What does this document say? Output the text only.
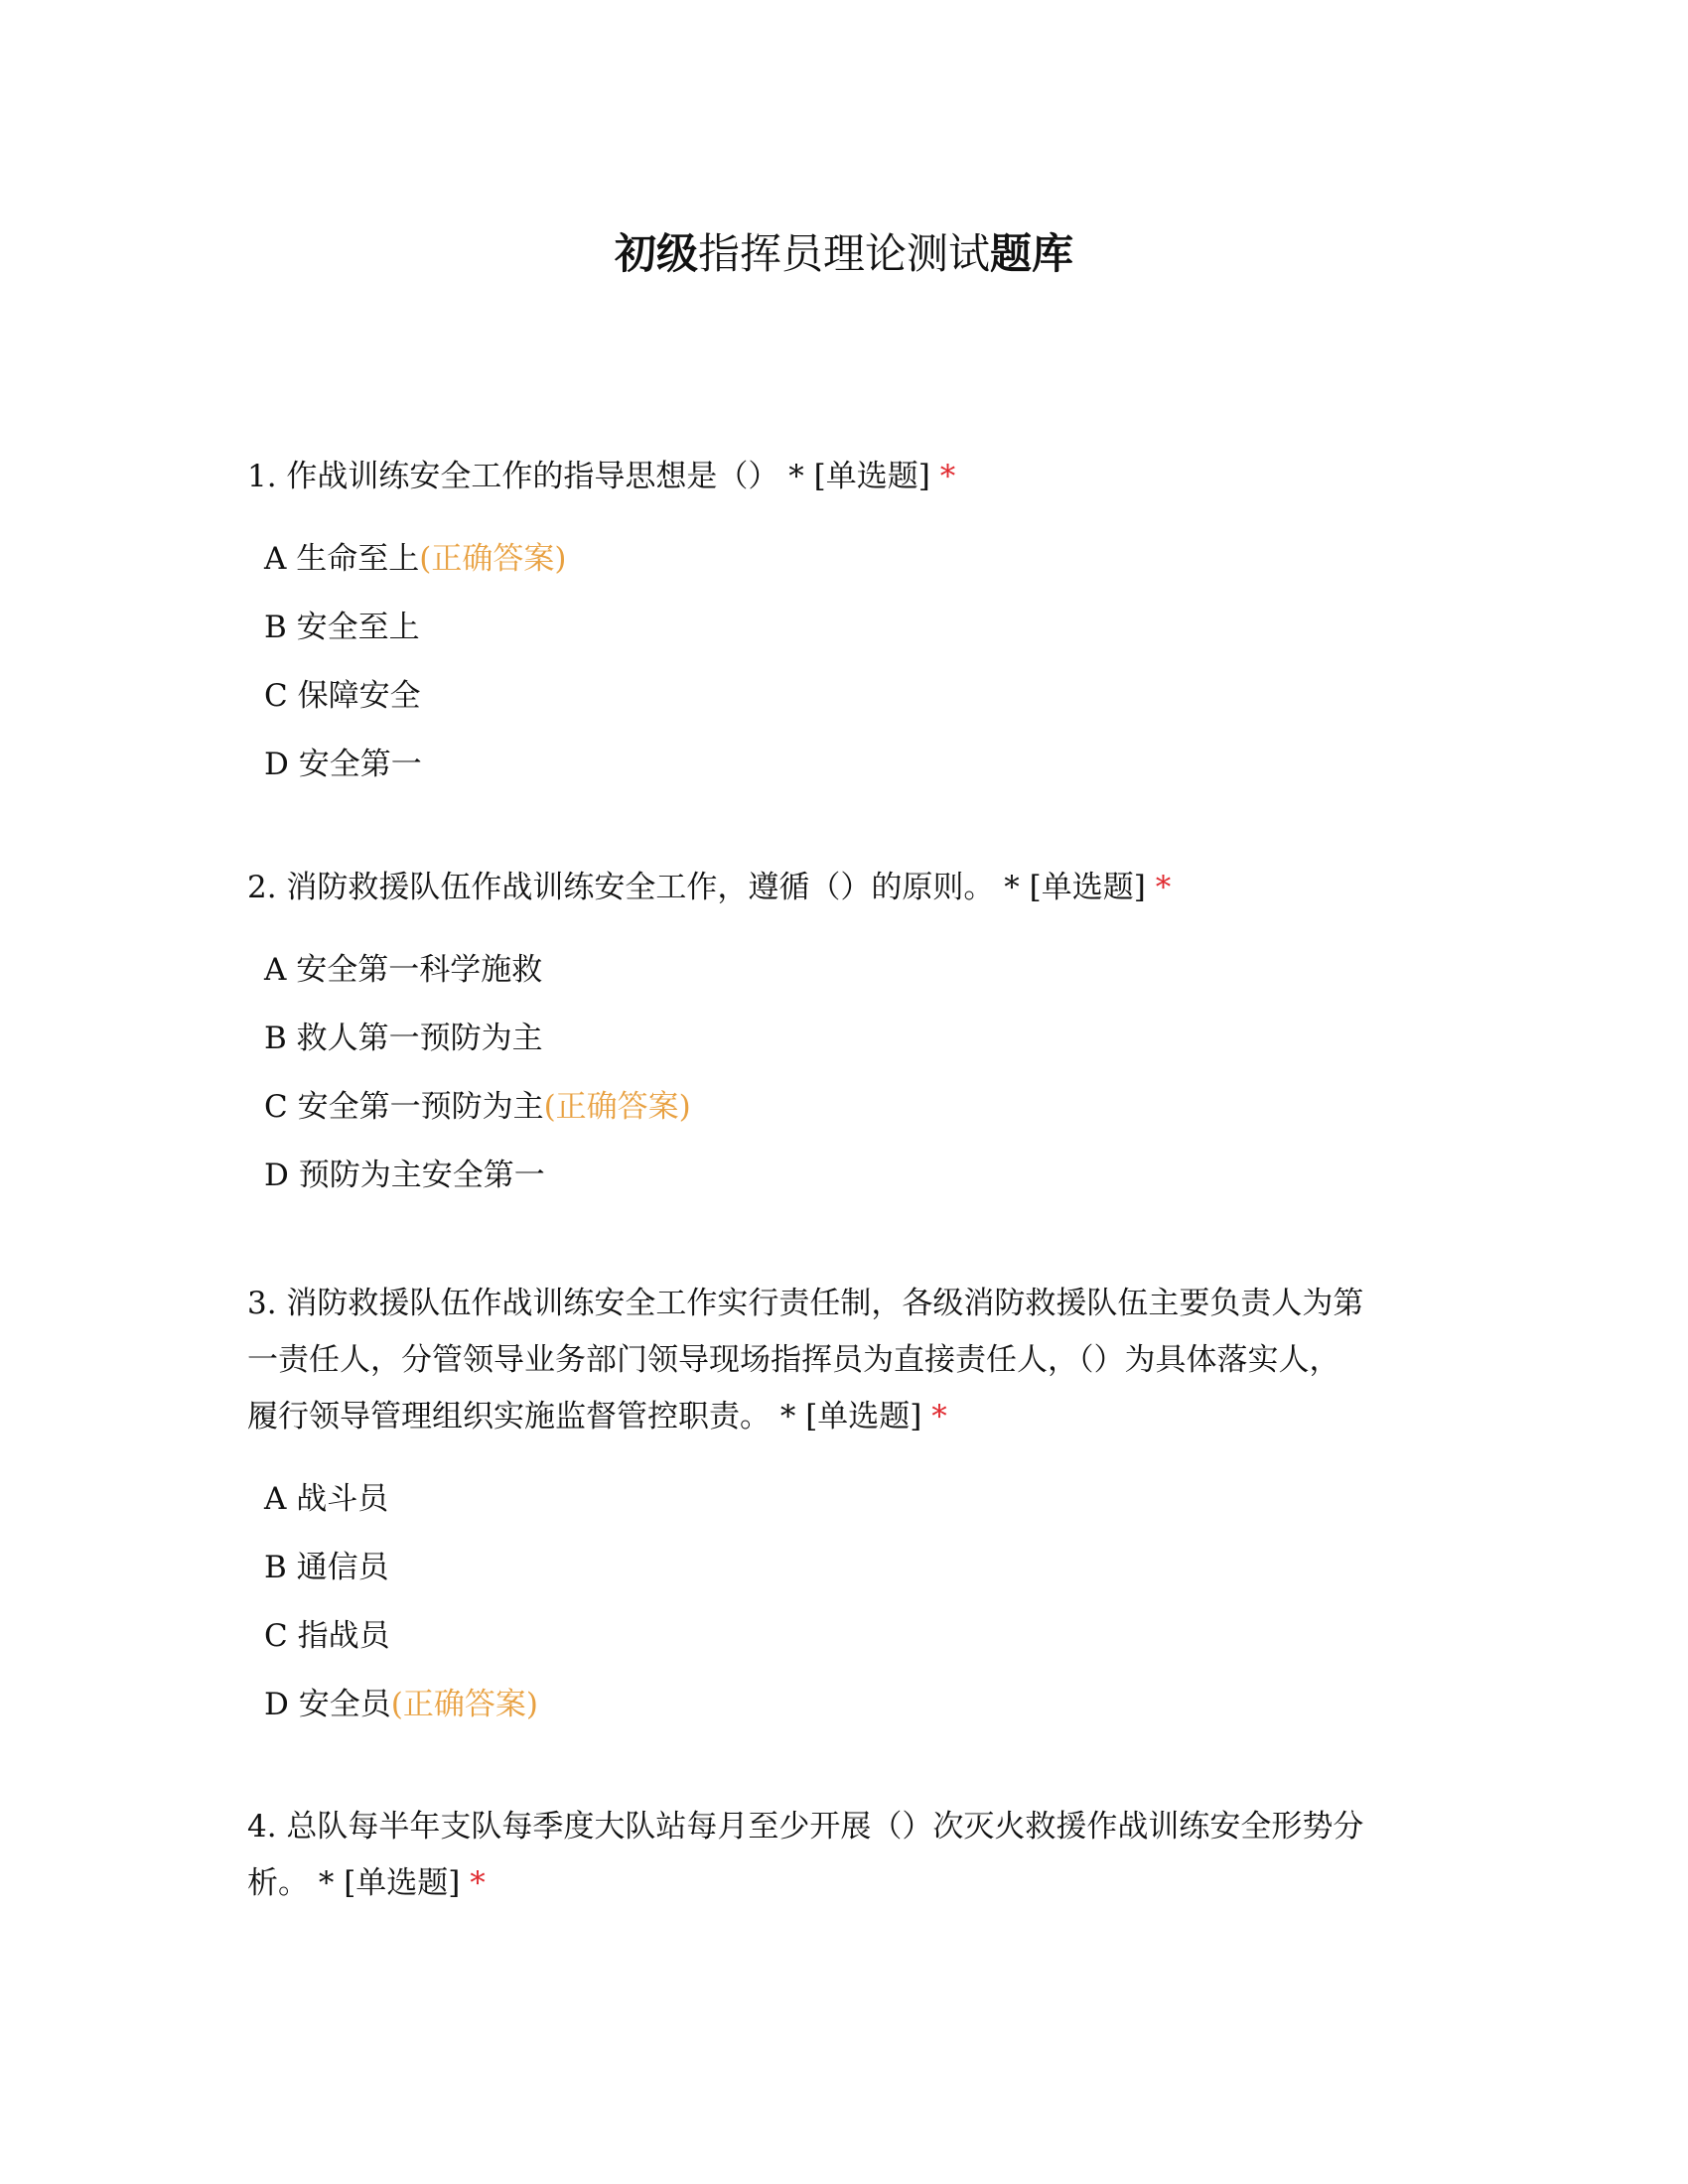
初级指挥员理论测试题库

1. 作战训练安全工作的指导思想是（） * [单选题] *

A 生命至上(正确答案)
B 安全至上
C 保障安全
D 安全第一

2. 消防救援队伍作战训练安全工作，遵循（）的原则。 * [单选题] *

A 安全第一科学施救
B 救人第一预防为主
C 安全第一预防为主(正确答案)
D 预防为主安全第一
3. 消防救援队伍作战训练安全工作实行责任制，各级消防救援队伍主要负责人为第
一责任人，分管领导业务部门领导现场指挥员为直接责任人，（）为具体落实人，
履行领导管理组织实施监督管控职责。 * [单选题] *
A 战斗员
B 通信员
C 指战员
D 安全员(正确答案)
4. 总队每半年支队每季度大队站每月至少开展（）次灭火救援作战训练安全形势分
析。 * [单选题] *
